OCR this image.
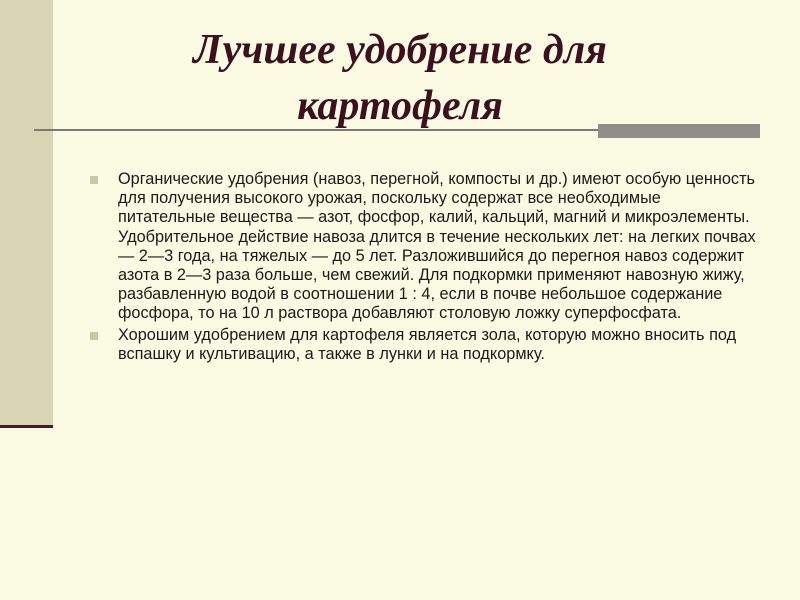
Лучшее удобрение для картофеля
Органические удобрения (навоз, перегной, компосты и др.) имеют особую ценность для получения высокого урожая, поскольку содержат все необходимые питательные вещества — азот, фосфор, калий, кальций, магний и микроэлементы. Удобрительное действие навоза длится в течение нескольких лет: на легких почвах — 2—3 года, на тяжелых — до 5 лет. Разложившийся до перегноя навоз содержит азота в 2—3 раза больше, чем свежий. Для подкормки применяют навозную жижу, разбавленную водой в соотношении 1 : 4, если в почве небольшое содержание фосфора, то на 10 л раствора добавляют столовую ложку суперфосфата.
Хорошим удобрением для картофеля является зола, которую можно вносить под вспашку и культивацию, а также в лунки и на подкормку.
